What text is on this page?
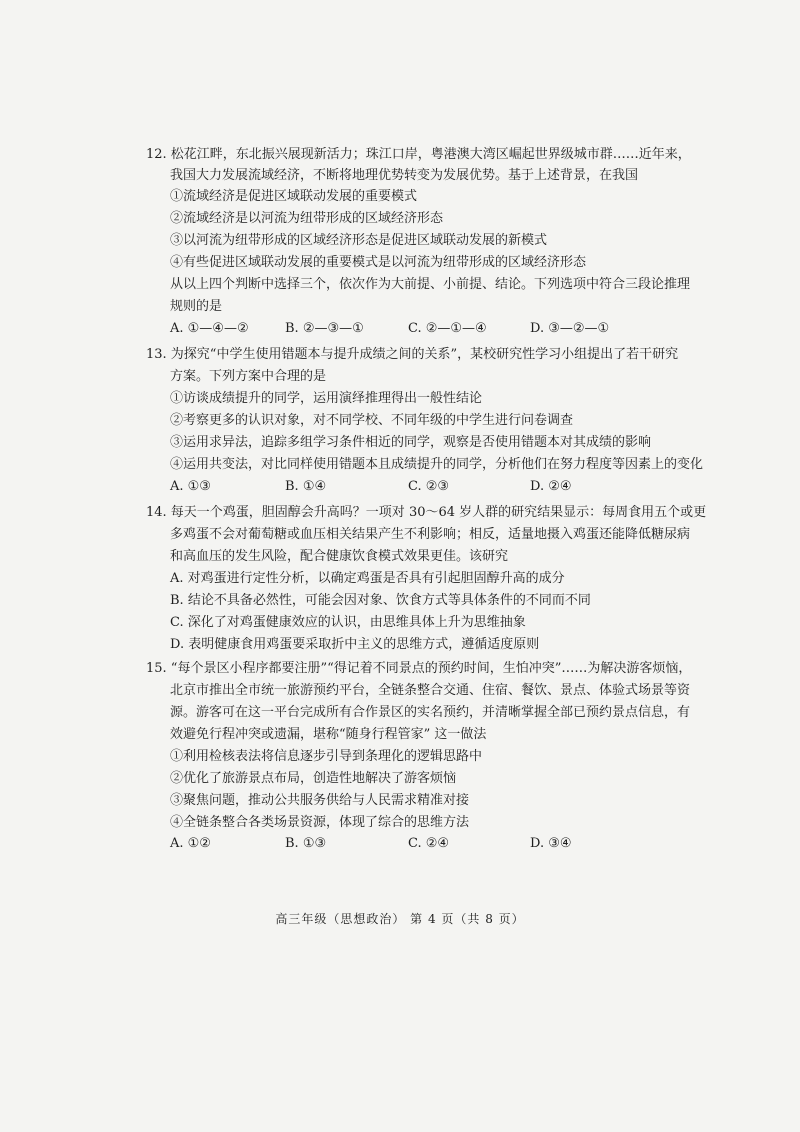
12. 松花江畔，东北振兴展现新活力；珠江口岸，粤港澳大湾区崛起世界级城市群……近年来，
我国大力发展流域经济，不断将地理优势转变为发展优势。基于上述背景，在我国
①流域经济是促进区域联动发展的重要模式
②流域经济是以河流为纽带形成的区域经济形态
③以河流为纽带形成的区域经济形态是促进区域联动发展的新模式
④有些促进区域联动发展的重要模式是以河流为纽带形成的区域经济形态
从以上四个判断中选择三个，依次作为大前提、小前提、结论。下列选项中符合三段论推理
规则的是
A. ①—④—②	B. ②—③—①	C. ②—①—④	D. ③—②—①
13. 为探究“中学生使用错题本与提升成绩之间的关系”，某校研究性学习小组提出了若干研究
方案。下列方案中合理的是
①访谈成绩提升的同学，运用演绎推理得出一般性结论
②考察更多的认识对象，对不同学校、不同年级的中学生进行问卷调查
③运用求异法，追踪多组学习条件相近的同学，观察是否使用错题本对其成绩的影响
④运用共变法，对比同样使用错题本且成绩提升的同学，分析他们在努力程度等因素上的变化
A. ①③	B. ①④	C. ②③	D. ②④
14. 每天一个鸡蛋，胆固醇会升高吗？一项对 30～64 岁人群的研究结果显示：每周食用五个或更
多鸡蛋不会对葡萄糖或血压相关结果产生不利影响；相反，适量地摄入鸡蛋还能降低糖尿病
和高血压的发生风险，配合健康饮食模式效果更佳。该研究
A. 对鸡蛋进行定性分析，以确定鸡蛋是否具有引起胆固醇升高的成分
B. 结论不具备必然性，可能会因对象、饮食方式等具体条件的不同而不同
C. 深化了对鸡蛋健康效应的认识，由思维具体上升为思维抽象
D. 表明健康食用鸡蛋要采取折中主义的思维方式，遵循适度原则
15. “每个景区小程序都要注册”“得记着不同景点的预约时间，生怕冲突”……为解决游客烦恼，
北京市推出全市统一旅游预约平台，全链条整合交通、住宿、餐饮、景点、体验式场景等资
源。游客可在这一平台完成所有合作景区的实名预约，并清晰掌握全部已预约景点信息，有
效避免行程冲突或遗漏，堪称“随身行程管家” 这一做法
①利用检核表法将信息逐步引导到条理化的逻辑思路中
②优化了旅游景点布局，创造性地解决了游客烦恼
③聚焦问题，推动公共服务供给与人民需求精准对接
④全链条整合各类场景资源，体现了综合的思维方法
A. ①②	B. ①③	C. ②④	D. ③④
高三年级（思想政治） 第 4 页（共 8 页）
